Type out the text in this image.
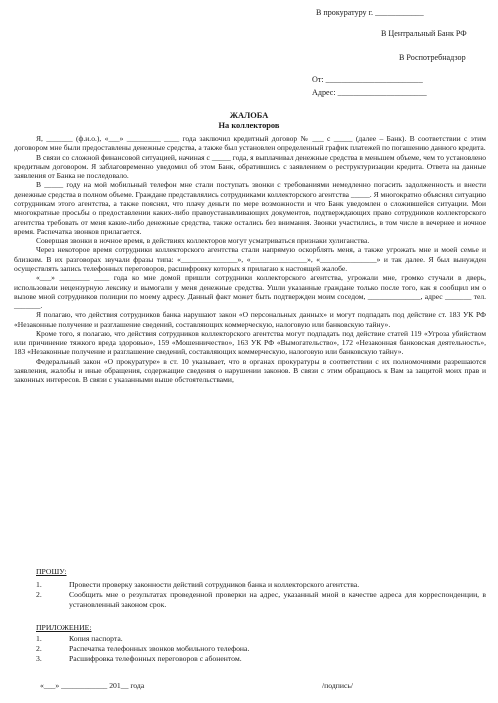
В прокуратуру г. ____________
В Центральный Банк РФ
В Роспотребнадзор
От: ________________________
Адрес: ______________________
ЖАЛОБА
На коллекторов

Я, _______ (ф.и.о.), «___» _________ ____ года заключил кредитный договор № ___ с _____ (далее – Банк). В соответствии с этим договором мне были предоставлены денежные средства, а также был установлен определенный график платежей по погашению данного кредита.

В связи со сложной финансовой ситуацией, начиная с _____ года, я выплачивал денежные средства в меньшем объеме, чем то установлено кредитным договором. Я заблаговременно уведомил об этом Банк, обратившись с заявлением о реструктуризации кредита. Ответа на данные заявления от Банка не последовало.

В _____ году на мой мобильный телефон мне стали поступать звонки с требованиями немедленно погасить задолженность и внести денежные средства в полном объеме. Граждане представлялись сотрудниками коллекторского агентства _____. Я многократно объяснял ситуацию сотрудникам этого агентства, а также пояснял, что плачу деньги по мере возможности и что Банк уведомлен о сложившейся ситуации. Мои многократные просьбы о предоставлении каких-либо правоустанавливающих документов, подтверждающих право сотрудников коллекторского агентства требовать от меня какие-либо денежные средства, также остались без внимания. Звонки участились, в том числе в вечернее и ночное время. Распечатка звонков прилагается.

Совершая звонки в ночное время, в действиях коллекторов могут усматриваться признаки хулиганства.

Через некоторое время сотрудники коллекторского агентства стали напрямую оскорблять меня, а также угрожать мне и моей семье и близким. В их разговорах звучали фразы типа: «_______________», «_______________», «_______________» и так далее. Я был вынужден осуществлять запись телефонных переговоров, расшифровку которых я прилагаю к настоящей жалобе.

«___» ________ ____ года ко мне домой пришли сотрудники коллекторского агентства, угрожали мне, громко стучали в дверь, использовали нецензурную лексику и вымогали у меня денежные средства. Ушли указанные граждане только после того, как я сообщил им о вызове мной сотрудников полиции по моему адресу. Данный факт может быть подтвержден моим соседом, ______________, адрес _______ тел. _______.

Я полагаю, что действия сотрудников банка нарушают закон «О персональных данных» и могут подпадать под действие ст. 183 УК РФ «Незаконные получение и разглашение сведений, составляющих коммерческую, налоговую или банковскую тайну».

Кроме того, я полагаю, что действия сотрудников коллекторского агентства могут подпадать под действие статей 119 «Угроза убийством или причинение тяжкого вреда здоровью», 159 «Мошенничество», 163 УК РФ «Вымогательство», 172 «Незаконная банковская деятельность», 183 «Незаконные получение и разглашение сведений, составляющих коммерческую, налоговую или банковскую тайну».

Федеральный закон «О прокуратуре» в ст. 10 указывает, что в органах прокуратуры в соответствии с их полномочиями разрешаются заявления, жалобы и иные обращения, содержащие сведения о нарушении законов. В связи с этим обращаюсь к Вам за защитой моих прав и законных интересов. В связи с указанными выше обстоятельствами,

ПРОШУ:
1.	Провести проверку законности действий сотрудников банка и коллекторского агентства.
2.	Сообщить мне о результатах проведенной проверки на адрес, указанный мной в качестве адреса для корреспонденции, в установленный законом срок.
ПРИЛОЖЕНИЕ:
1.	Копия паспорта.
2.	Распечатка телефонных звонков мобильного телефона.
3.	Расшифровка телефонных переговоров с абонентом.
«___» ____________ 201__ года	/подпись/
